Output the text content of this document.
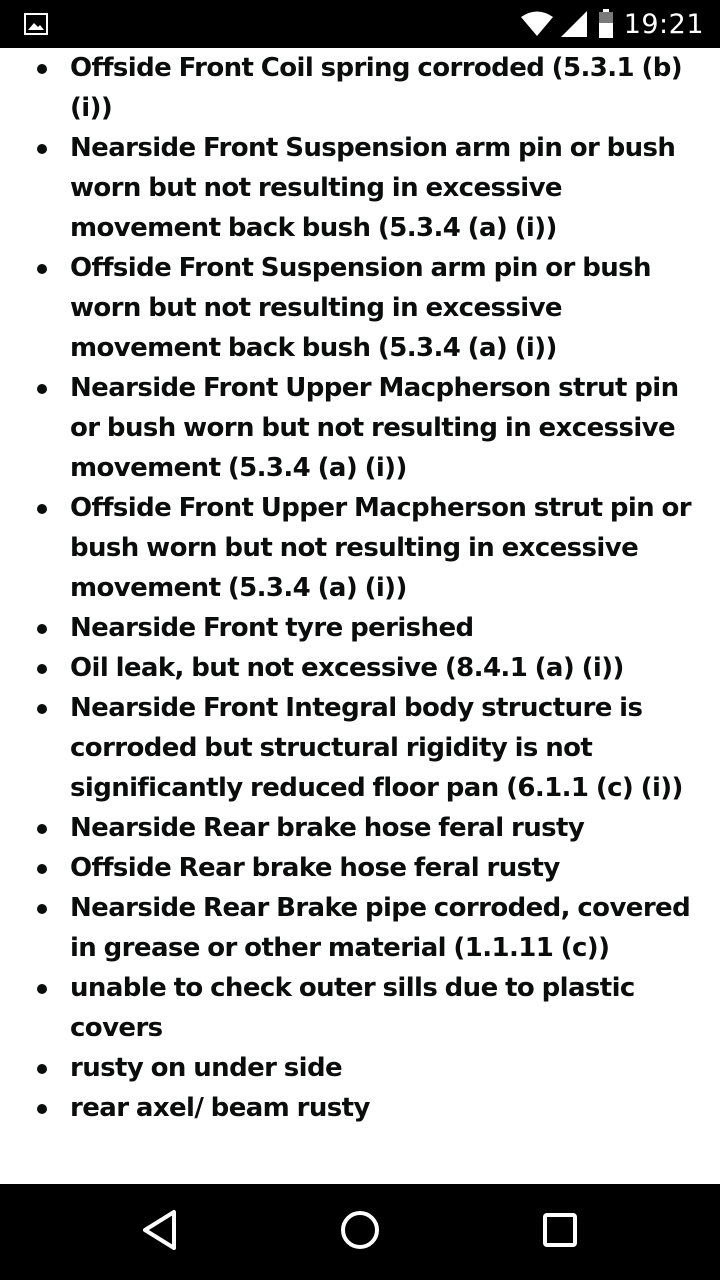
19:21
Offside Front Coil spring corroded (5.3.1 (b) (i))
Nearside Front Suspension arm pin or bush worn but not resulting in excessive movement back bush (5.3.4 (a) (i))
Offside Front Suspension arm pin or bush worn but not resulting in excessive movement back bush (5.3.4 (a) (i))
Nearside Front Upper Macpherson strut pin or bush worn but not resulting in excessive movement (5.3.4 (a) (i))
Offside Front Upper Macpherson strut pin or bush worn but not resulting in excessive movement (5.3.4 (a) (i))
Nearside Front tyre perished
Oil leak, but not excessive (8.4.1 (a) (i))
Nearside Front Integral body structure is corroded but structural rigidity is not significantly reduced floor pan (6.1.1 (c) (i))
Nearside Rear brake hose feral rusty
Offside Rear brake hose feral rusty
Nearside Rear Brake pipe corroded, covered in grease or other material (1.1.11 (c))
unable to check outer sills due to plastic covers
rusty on under side
rear axel/ beam rusty
